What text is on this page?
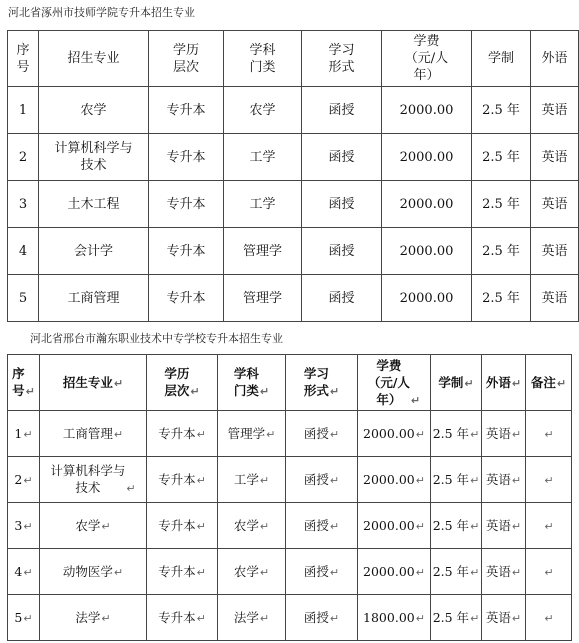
河北省涿州市技师学院专升本招生专业
序
号	招生专业	学历
层次	学科
门类	学习
形式	学费
（元/人
年）	学制	外语
1	农学	专升本	农学	函授	2000.00	2.5 年	英语
2	计算机科学与
技术	专升本	工学	函授	2000.00	2.5 年	英语
3	土木工程	专升本	工学	函授	2000.00	2.5 年	英语
4	会计学	专升本	管理学	函授	2000.00	2.5 年	英语
5	工商管理	专升本	管理学	函授	2000.00	2.5 年	英语
河北省邢台市瀚东职业技术中专学校专升本招生专业
序
号↵	招生专业↵	学历
层次↵	学科
门类↵	学习
形式↵	学费
（元/人
年） ↵	学制↵	外语↵	备注↵
1↵	工商管理↵	专升本↵	管理学↵	函授↵	2000.00↵	2.5 年↵	英语↵	↵
2↵	计算机科学与
技术 ↵	专升本↵	工学↵	函授↵	2000.00↵	2.5 年↵	英语↵	↵
3↵	农学↵	专升本↵	农学↵	函授↵	2000.00↵	2.5 年↵	英语↵	↵
4↵	动物医学↵	专升本↵	农学↵	函授↵	2000.00↵	2.5 年↵	英语↵	↵
5↵	法学↵	专升本↵	法学↵	函授↵	1800.00↵	2.5 年↵	英语↵	↵
